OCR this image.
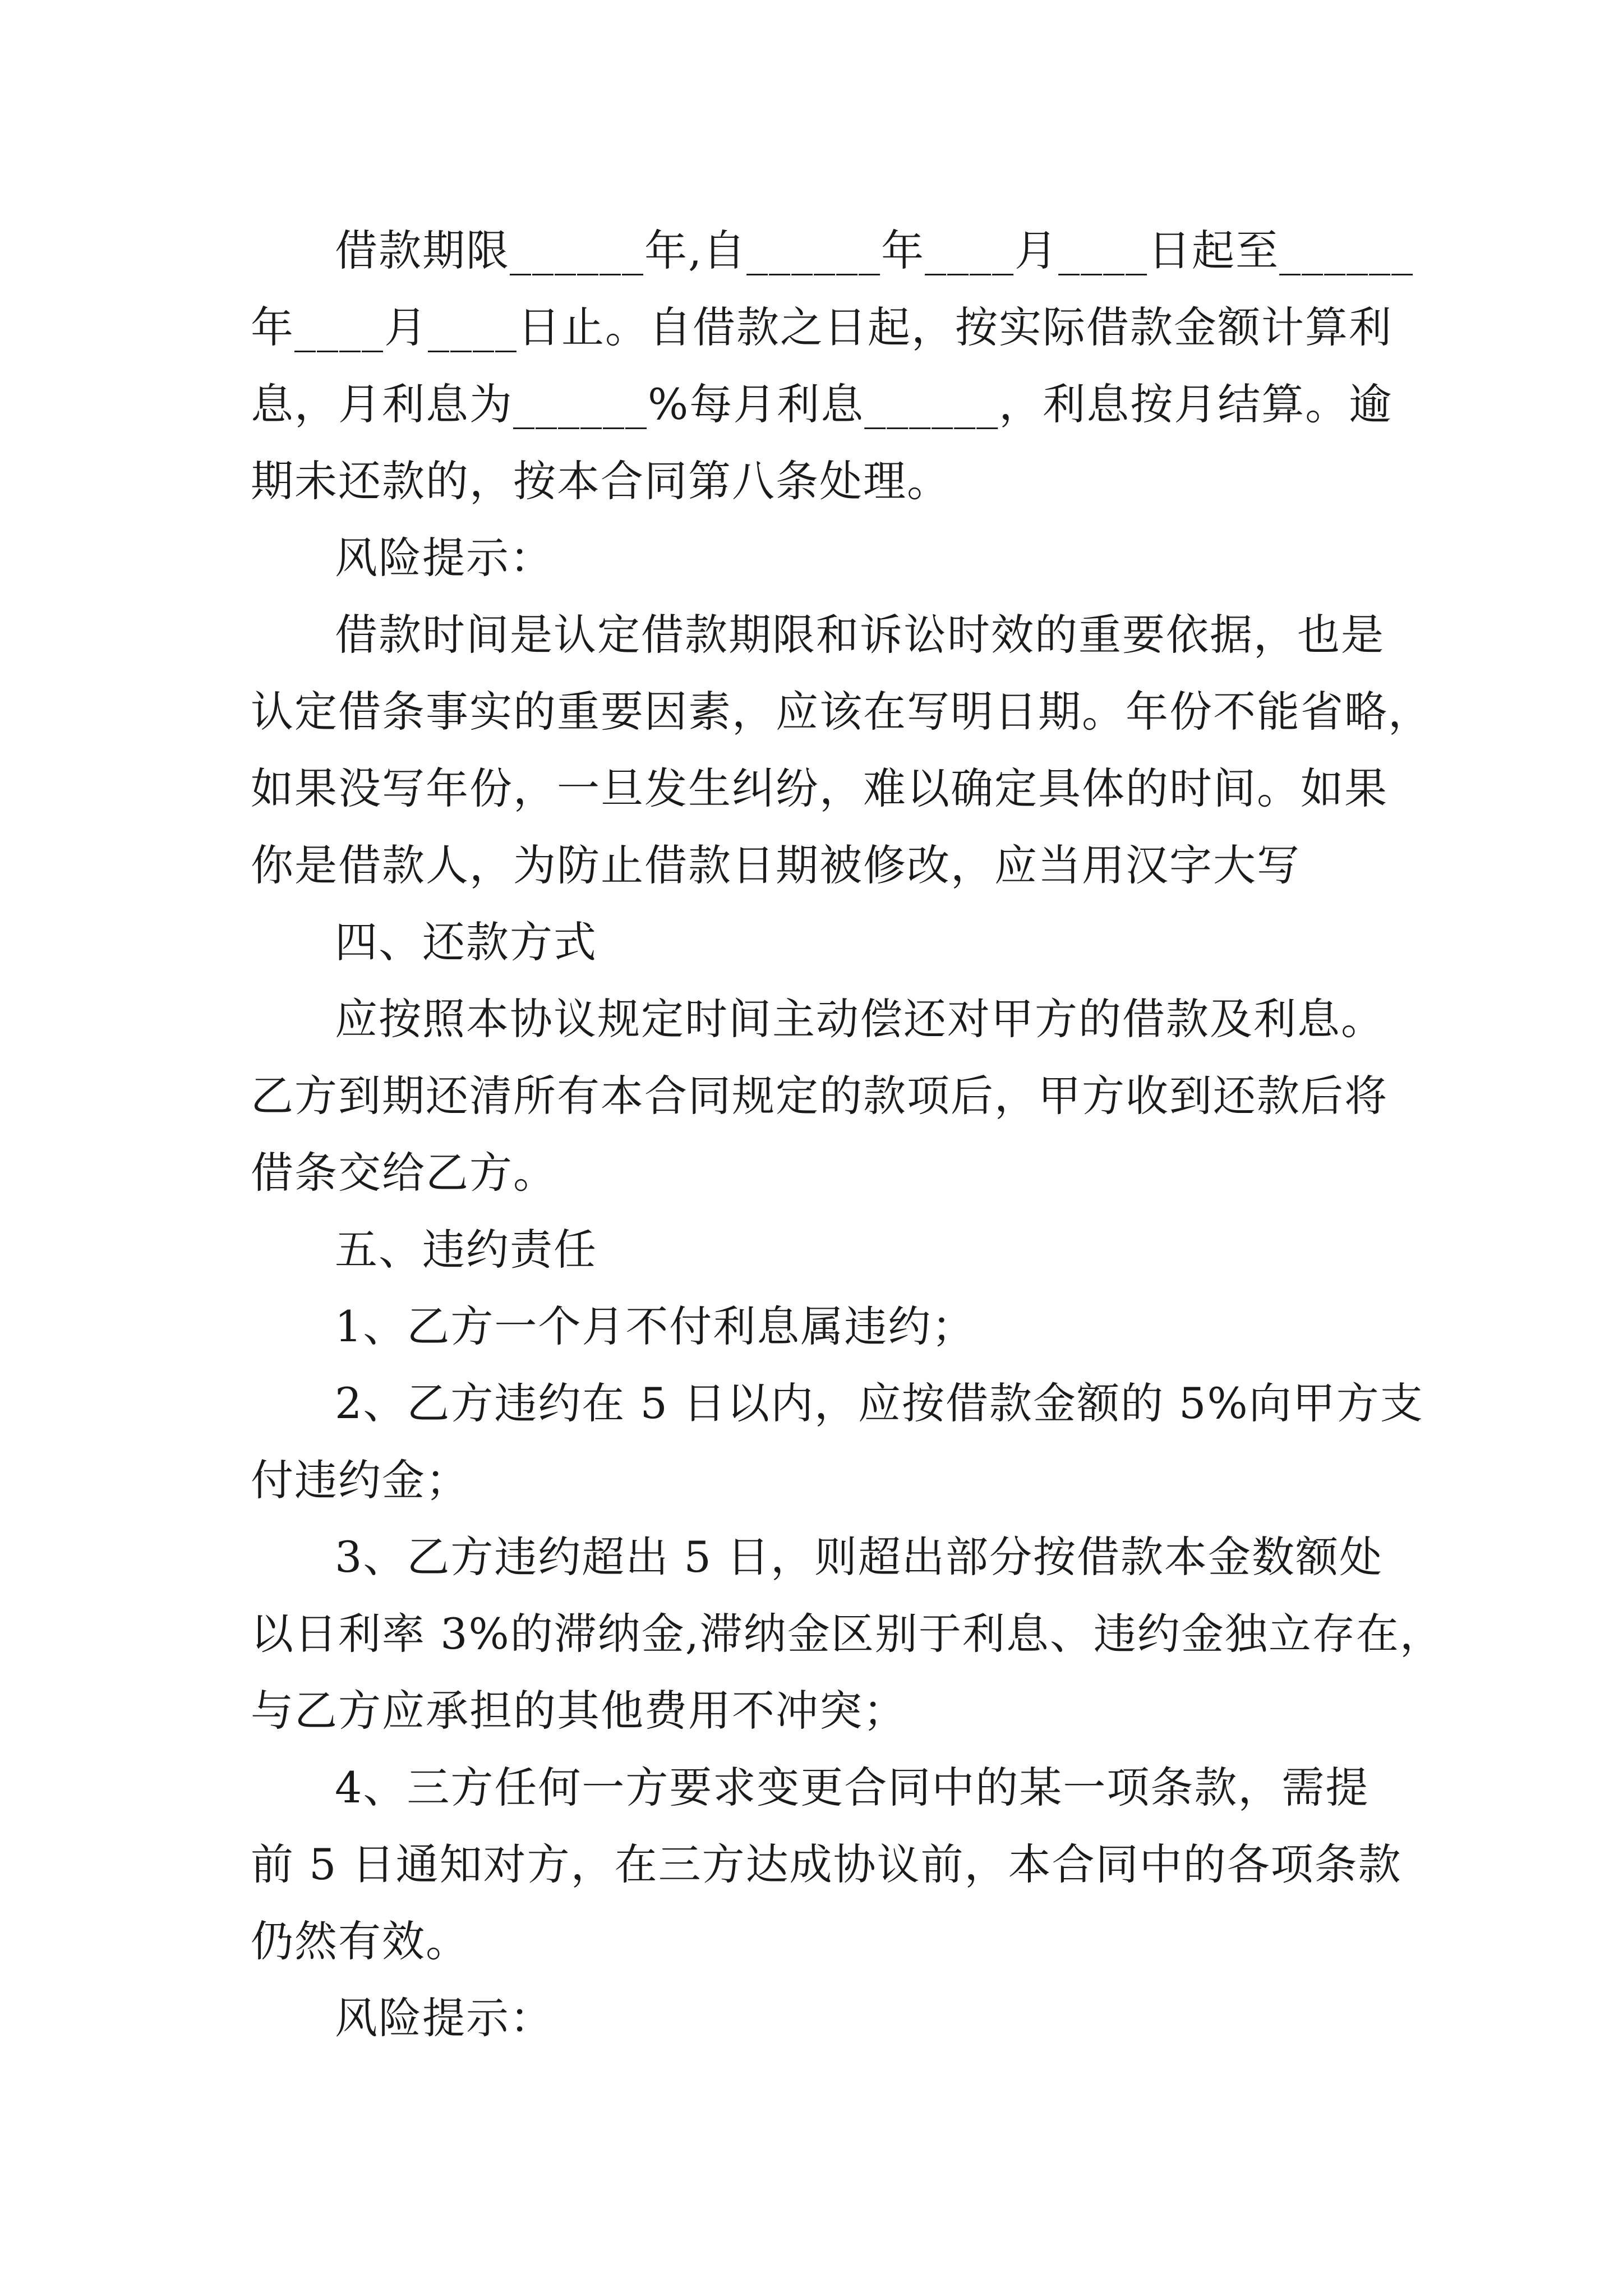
借款期限______年,自______年____月____日起至______
年____月____日止。自借款之日起，按实际借款金额计算利
息，月利息为______%每月利息______，利息按月结算。逾
期未还款的，按本合同第八条处理。
风险提示：
借款时间是认定借款期限和诉讼时效的重要依据，也是
认定借条事实的重要因素，应该在写明日期。年份不能省略，
如果没写年份，一旦发生纠纷，难以确定具体的时间。如果
你是借款人，为防止借款日期被修改，应当用汉字大写
四、还款方式
应按照本协议规定时间主动偿还对甲方的借款及利息。
乙方到期还清所有本合同规定的款项后，甲方收到还款后将
借条交给乙方。
五、违约责任
1、乙方一个月不付利息属违约；
2、乙方违约在 5 日以内，应按借款金额的 5%向甲方支
付违约金；
3、乙方违约超出 5 日，则超出部分按借款本金数额处
以日利率 3%的滞纳金,滞纳金区别于利息、违约金独立存在，
与乙方应承担的其他费用不冲突；
4、三方任何一方要求变更合同中的某一项条款，需提
前 5 日通知对方，在三方达成协议前，本合同中的各项条款
仍然有效。
风险提示：
